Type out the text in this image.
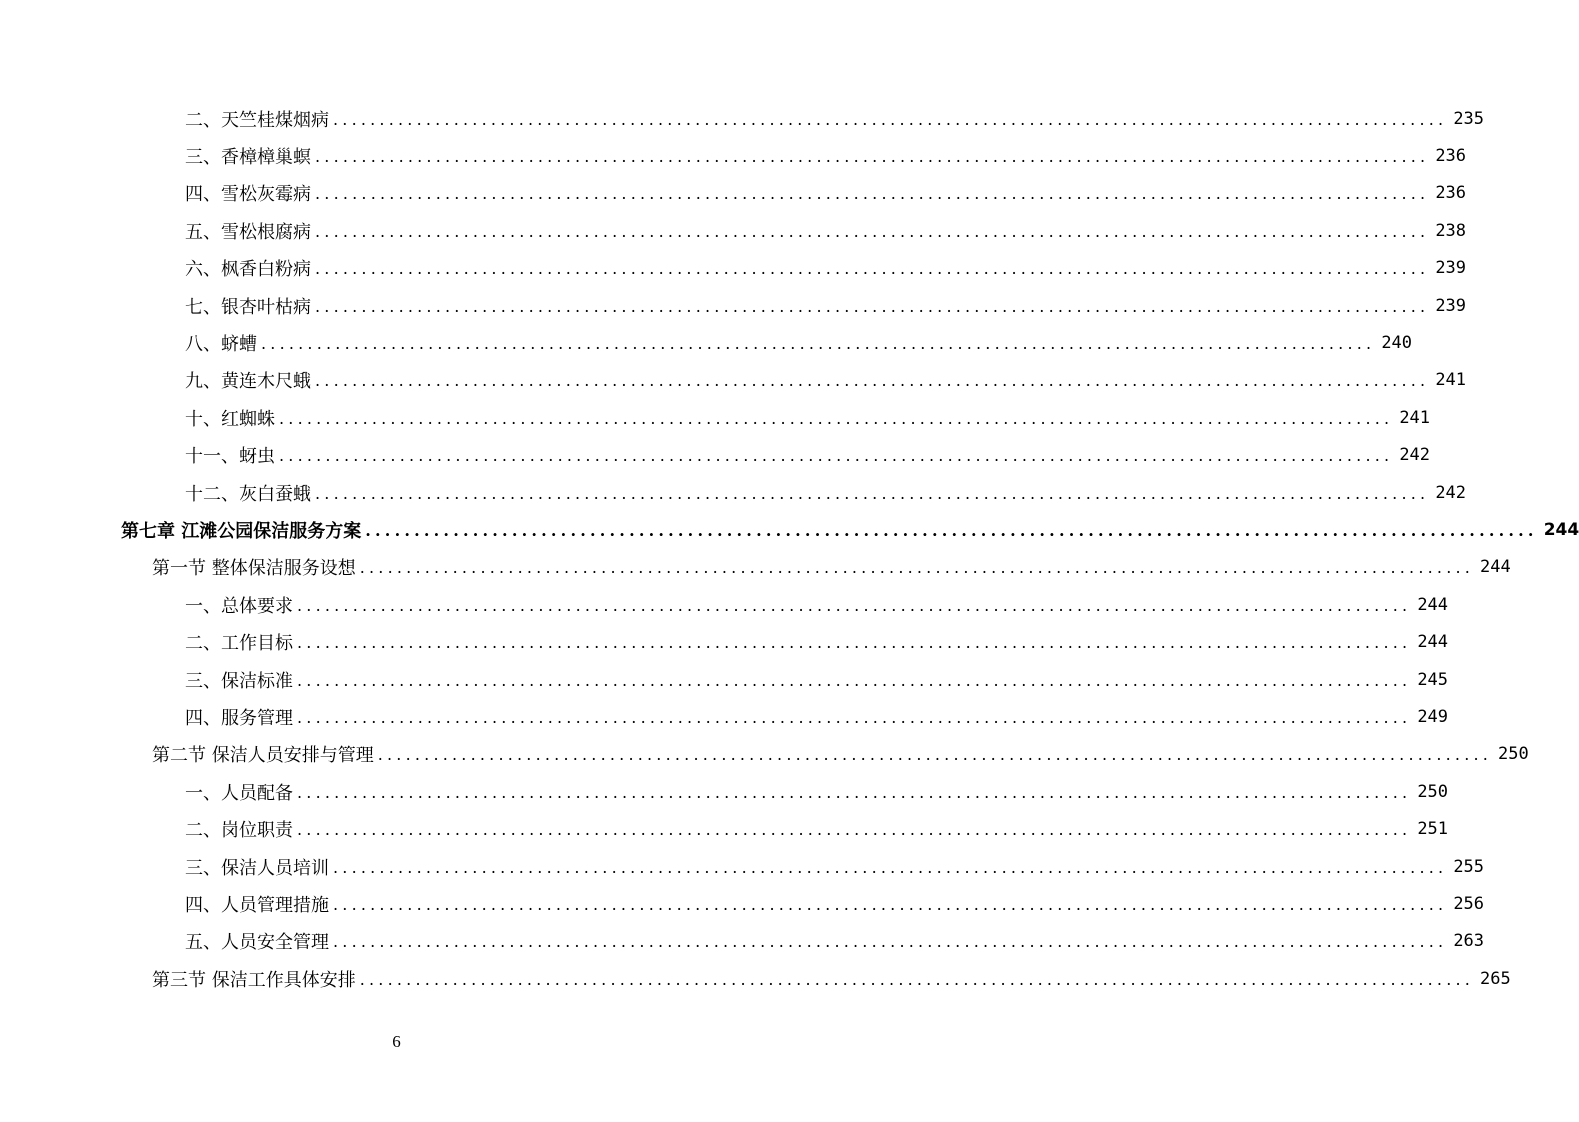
二、天竺桂煤烟病 ........................................................................................................................ 235
三、香樟樟巢螟 ........................................................................................................................ 236
四、雪松灰霉病 ........................................................................................................................ 236
五、雪松根腐病 ........................................................................................................................ 238
六、枫香白粉病 ........................................................................................................................ 239
七、银杏叶枯病 ........................................................................................................................ 239
八、蛴螬 ........................................................................................................................ 240
九、黄连木尺蛾 ........................................................................................................................ 241
十、红蜘蛛 ........................................................................................................................ 241
十一、蚜虫 ........................................................................................................................ 242
十二、灰白蚕蛾 ........................................................................................................................ 242
第七章 江滩公园保洁服务方案 ........................................................................................................................ 244
第一节 整体保洁服务设想 ........................................................................................................................ 244
一、总体要求 ........................................................................................................................ 244
二、工作目标 ........................................................................................................................ 244
三、保洁标准 ........................................................................................................................ 245
四、服务管理 ........................................................................................................................ 249
第二节 保洁人员安排与管理 ........................................................................................................................ 250
一、人员配备 ........................................................................................................................ 250
二、岗位职责 ........................................................................................................................ 251
三、保洁人员培训 ........................................................................................................................ 255
四、人员管理措施 ........................................................................................................................ 256
五、人员安全管理 ........................................................................................................................ 263
第三节 保洁工作具体安排 ........................................................................................................................ 265
6
